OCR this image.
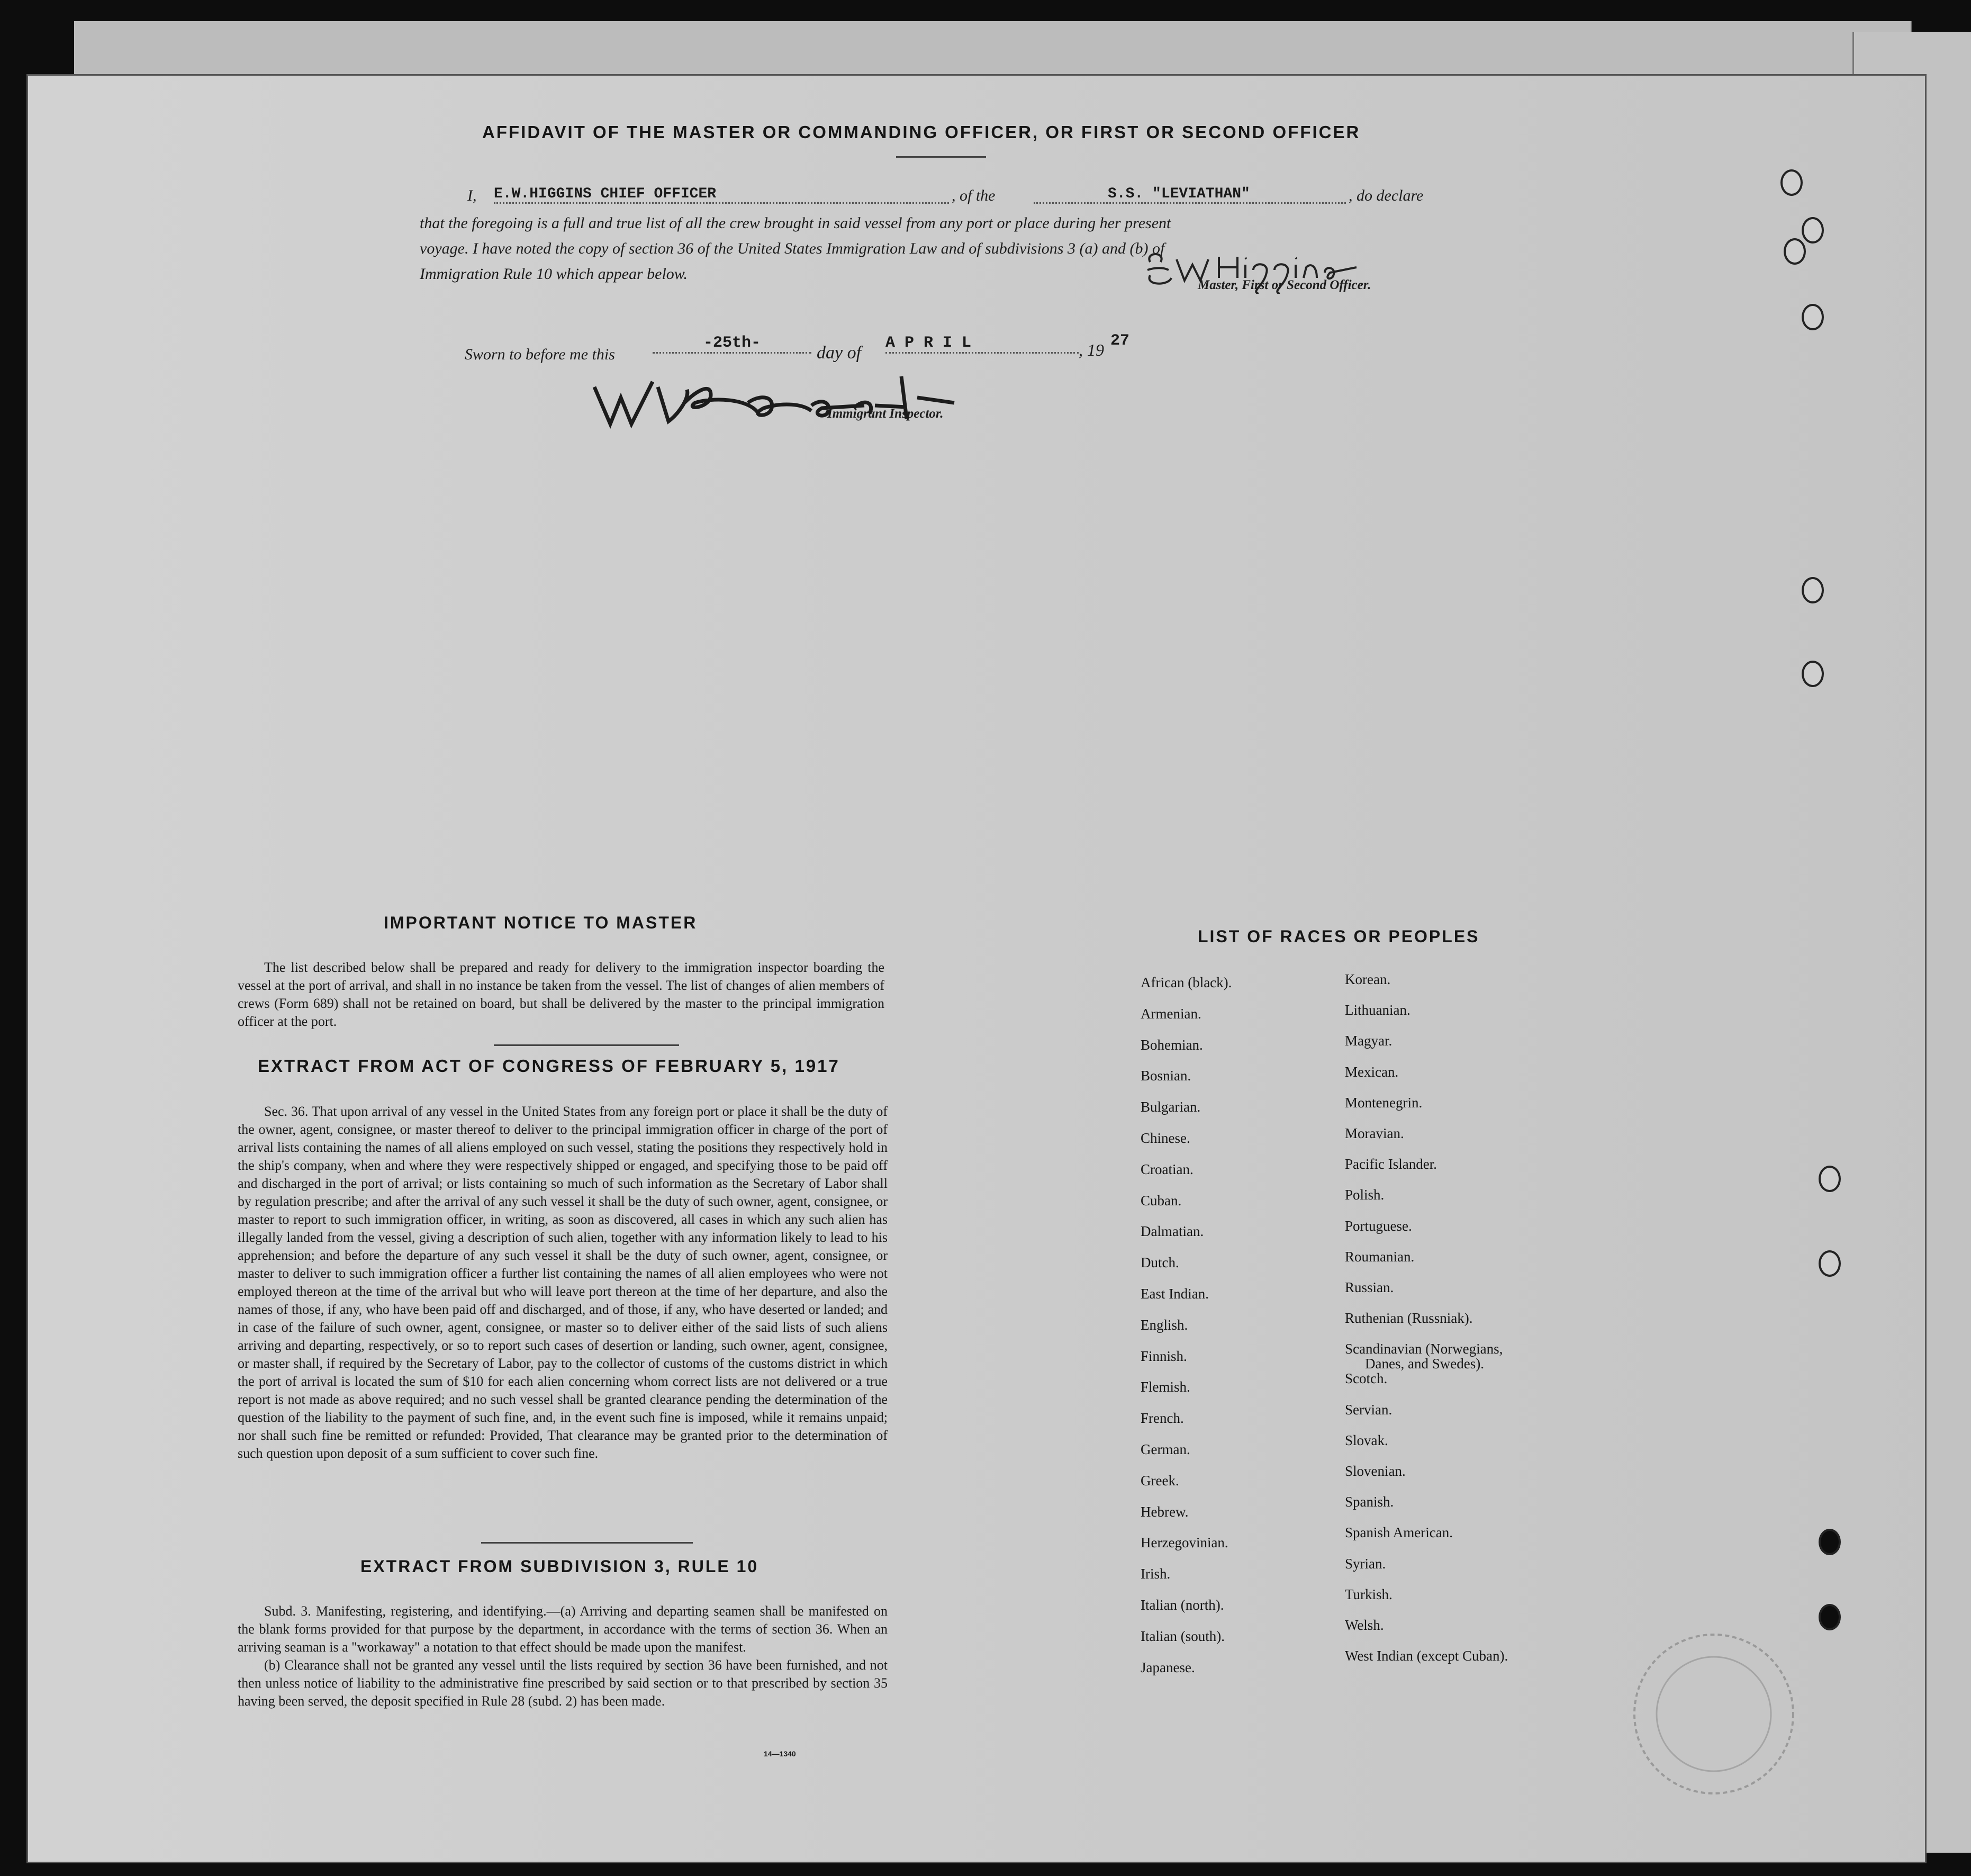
AFFIDAVIT OF THE MASTER OR COMMANDING OFFICER, OR FIRST OR SECOND OFFICER
I, E.W.HIGGINS CHIEF OFFICER	, of the	S.S. "LEVIATHAN"	, do declare
that the foregoing is a full and true list of all the crew brought in said vessel from any port or place during her present
voyage. I have noted the copy of section 36 of the United States Immigration Law and of subdivisions 3 (a) and (b) of
Immigration Rule 10 which appear below.
Master, First or Second Officer.
Sworn to before me this
-25th-	day of A P R I L	, 19 27
Immigrant Inspector.
IMPORTANT NOTICE TO MASTER

The list described below shall be prepared and ready for delivery to the immigration inspector boarding the vessel at the port of arrival, and shall in no instance be taken from the vessel. The list of changes of alien members of crews (Form 689) shall not be retained on board, but shall be delivered by the master to the principal immigration officer at the port.

EXTRACT FROM ACT OF CONGRESS OF FEBRUARY 5, 1917

Sec. 36. That upon arrival of any vessel in the United States from any foreign port or place it shall be the duty of the owner, agent, consignee, or master thereof to deliver to the principal immigration officer in charge of the port of arrival lists containing the names of all aliens employed on such vessel, stating the positions they respectively hold in the ship's company, when and where they were respectively shipped or engaged, and specifying those to be paid off and discharged in the port of arrival; or lists containing so much of such information as the Secretary of Labor shall by regulation prescribe; and after the arrival of any such vessel it shall be the duty of such owner, agent, consignee, or master to report to such immigration officer, in writing, as soon as discovered, all cases in which any such alien has illegally landed from the vessel, giving a description of such alien, together with any information likely to lead to his apprehension; and before the departure of any such vessel it shall be the duty of such owner, agent, consignee, or master to deliver to such immigration officer a further list containing the names of all alien employees who were not employed thereon at the time of the arrival but who will leave port thereon at the time of her departure, and also the names of those, if any, who have been paid off and discharged, and of those, if any, who have deserted or landed; and in case of the failure of such owner, agent, consignee, or master so to deliver either of the said lists of such aliens arriving and departing, respectively, or so to report such cases of desertion or landing, such owner, agent, consignee, or master shall, if required by the Secretary of Labor, pay to the collector of customs of the customs district in which the port of arrival is located the sum of $10 for each alien concerning whom correct lists are not delivered or a true report is not made as above required; and no such vessel shall be granted clearance pending the determination of the question of the liability to the payment of such fine, and, in the event such fine is imposed, while it remains unpaid; nor shall such fine be remitted or refunded: Provided, That clearance may be granted prior to the determination of such question upon deposit of a sum sufficient to cover such fine.

EXTRACT FROM SUBDIVISION 3, RULE 10

Subd. 3. Manifesting, registering, and identifying.—(a) Arriving and departing seamen shall be manifested on the blank forms provided for that purpose by the department, in accordance with the terms of section 36. When an arriving seaman is a "workaway" a notation to that effect should be made upon the manifest.

(b) Clearance shall not be granted any vessel until the lists required by section 36 have been furnished, and not then unless notice of liability to the administrative fine prescribed by said section or to that prescribed by section 35 having been served, the deposit specified in Rule 28 (subd. 2) has been made.

14—1340
LIST OF RACES OR PEOPLES
African (black).
Armenian.
Bohemian.
Bosnian.
Bulgarian.
Chinese.
Croatian.
Cuban.
Dalmatian.
Dutch.
East Indian.
English.
Finnish.
Flemish.
French.
German.
Greek.
Hebrew.
Herzegovinian.
Irish.
Italian (north).
Italian (south).
Japanese.
Korean.
Lithuanian.
Magyar.
Mexican.
Montenegrin.
Moravian.
Pacific Islander.
Polish.
Portuguese.
Roumanian.
Russian.
Ruthenian (Russniak).
Scandinavian (Norwegians,
Danes, and Swedes).
Scotch.
Servian.
Slovak.
Slovenian.
Spanish.
Spanish American.
Syrian.
Turkish.
Welsh.
West Indian (except Cuban).
